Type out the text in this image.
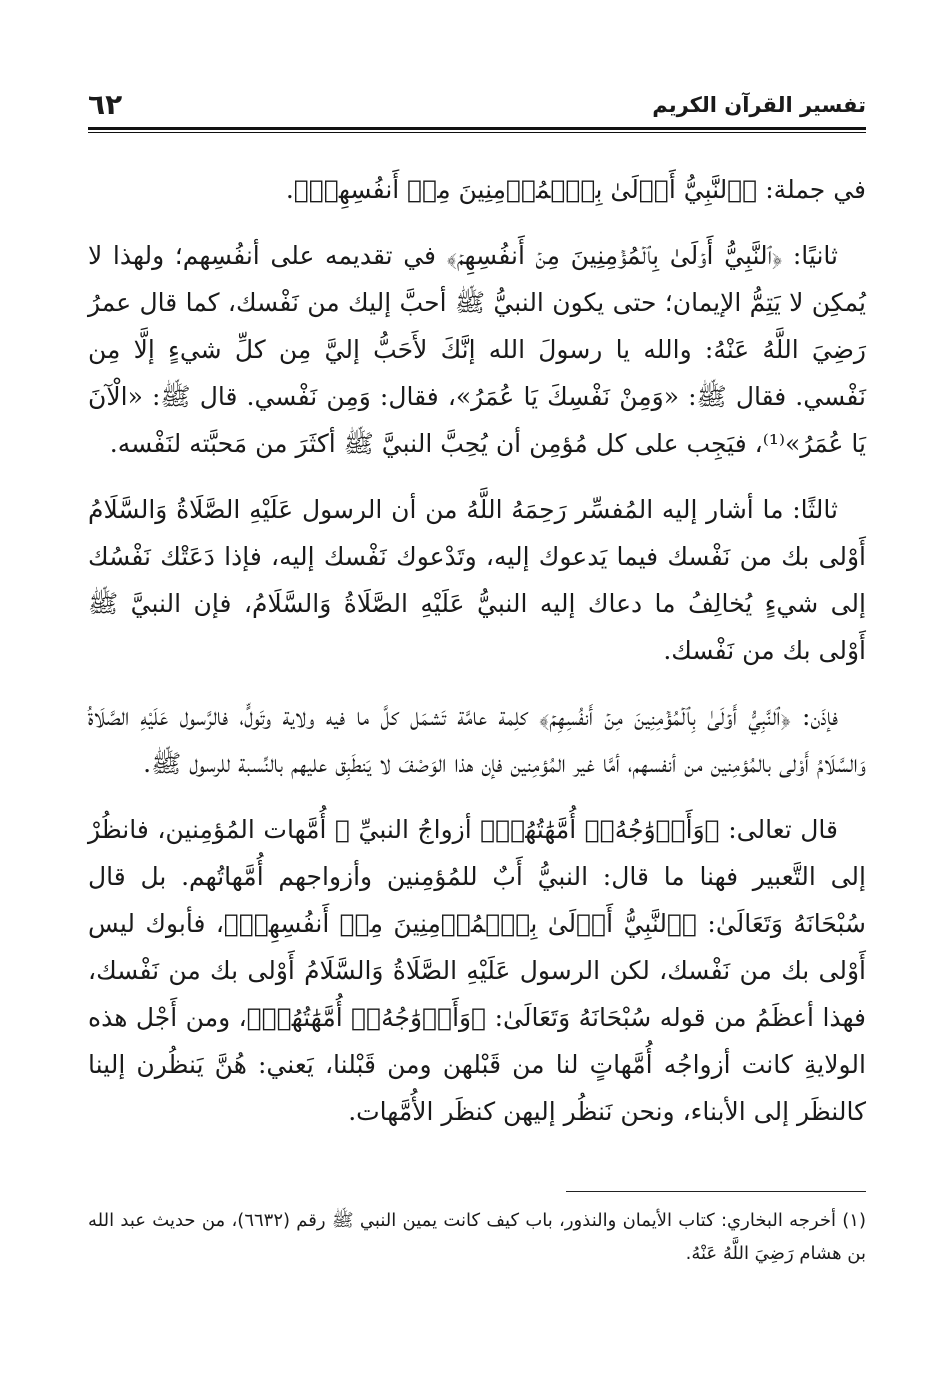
تفسير القرآن الكريم
٦٢

في جملة: ﴿ٱلنَّبِيُّ أَوۡلَىٰ بِٱلۡمُؤۡمِنِينَ مِنۡ أَنفُسِهِمۡ﴾.

ثانيًا: ﴿ٱلنَّبِيُّ أَوۡلَىٰ بِٱلۡمُؤۡمِنِينَ مِنۡ أَنفُسِهِمۡ﴾ في تقديمه على أنفُسِهم؛ ولهذا لا يُمكِن لا يَتِمُّ الإيمان؛ حتى يكون النبيُّ ﷺ أحبَّ إليك من نَفْسك، كما قال عمرُ رَضِيَ اللَّهُ عَنْهُ: والله يا رسولَ الله إنَّكَ لأَحَبُّ إليَّ مِن كلِّ شيءٍ إلَّا مِن نَفْسي. فقال ﷺ: «وَمِنْ نَفْسِكَ يَا عُمَرُ»، فقال: وَمِن نَفْسي. قال ﷺ: «الْآنَ يَا عُمَرُ»⁽¹⁾، فيَجِب على كل مُؤمِن أن يُحِبَّ النبيَّ ﷺ أكثَرَ من مَحبَّته لنَفْسه.

ثالثًا: ما أشار إليه المُفسِّر رَحِمَهُ اللَّهُ من أن الرسول عَلَيْهِ الصَّلَاةُ وَالسَّلَامُ أَوْلى بك من نَفْسك فيما يَدعوك إليه، وتَدْعوك نَفْسك إليه، فإذا دَعَتْك نَفْسُك إلى شيءٍ يُخالِفُ ما دعاك إليه النبيُّ عَلَيْهِ الصَّلَاةُ وَالسَّلَامُ، فإن النبيَّ ﷺ أَوْلى بك من نَفْسك.

فإذَن: ﴿ٱلنَّبِيُّ أَوۡلَىٰ بِٱلۡمُؤۡمِنِينَ مِنۡ أَنفُسِهِمۡ﴾ كلِمة عامَّة تَشمَل كلَّ ما فيه ولاية وتَولٍّ، فالرَّسول عَلَيْهِ الصَّلَاةُ وَالسَّلَامُ أَوْلى بالمُؤمِنين من أنفسهم، أمَّا غير المُؤمِنين فإن هذا الوَصْفَ لا يَنطَبِق عليهم بالنِّسبة للرسول ﷺ.

قال تعالى: ﴿وَأَزۡوَٰجُهُۥٓ أُمَّهَٰتُهُمۡ﴾ أزواجُ النبيِّ ﷺ أُمَّهات المُؤمِنين، فانظُرْ إلى التَّعبير فهنا ما قال: النبيُّ أَبٌ للمُؤمِنين وأزواجهم أُمَّهاتُهم. بل قال سُبْحَانَهُ وَتَعَالَىٰ: ﴿ٱلنَّبِيُّ أَوۡلَىٰ بِٱلۡمُؤۡمِنِينَ مِنۡ أَنفُسِهِمۡ﴾، فأبوك ليس أَوْلى بك من نَفْسك، لكن الرسول عَلَيْهِ الصَّلَاةُ وَالسَّلَامُ أَوْلى بك من نَفْسك، فهذا أعظَمُ من قوله سُبْحَانَهُ وَتَعَالَىٰ: ﴿وَأَزۡوَٰجُهُۥٓ أُمَّهَٰتُهُمۡ﴾، ومن أَجْل هذه الولايةِ كانت أزواجُه أُمَّهاتٍ لنا من قَبْلهن ومن قَبْلنا، يَعني: هُنَّ يَنظُرن إلينا كالنظَر إلى الأبناء، ونحن نَنظُر إليهن كنظَر الأُمَّهات.

(١) أخرجه البخاري: كتاب الأيمان والنذور، باب كيف كانت يمين النبي ﷺ رقم (٦٦٣٢)، من حديث عبد الله بن هشام رَضِيَ اللَّهُ عَنْهُ.
